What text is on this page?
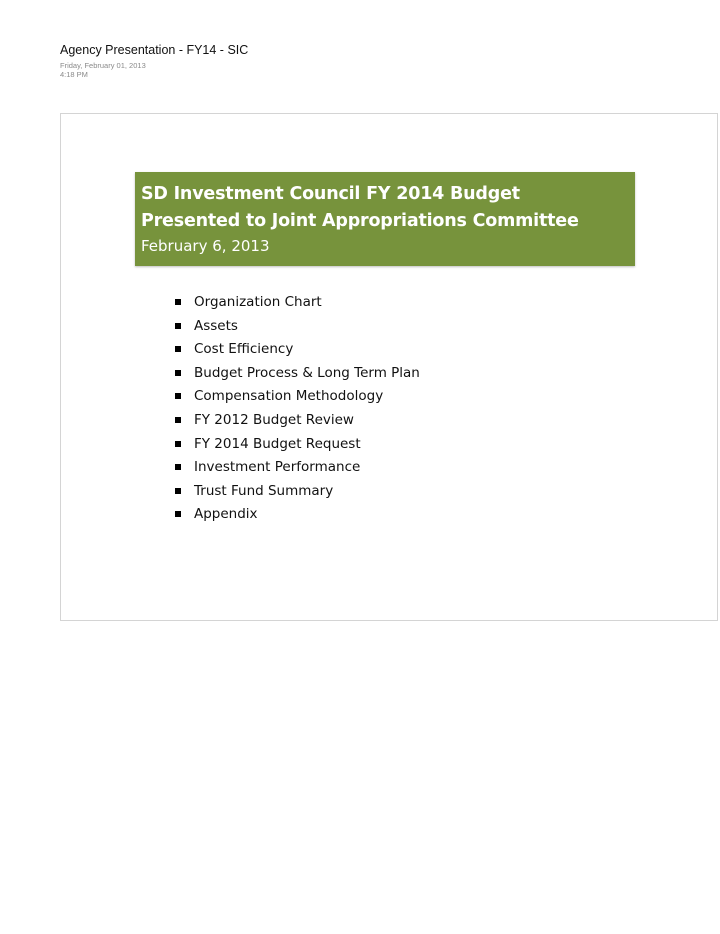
Agency Presentation - FY14 - SIC
Friday, February 01, 2013
4:18 PM
SD Investment Council FY 2014 Budget
Presented to Joint Appropriations Committee
February 6, 2013
Organization Chart
Assets
Cost Efficiency
Budget Process & Long Term Plan
Compensation Methodology
FY 2012 Budget Review
FY 2014 Budget Request
Investment Performance
Trust Fund Summary
Appendix
